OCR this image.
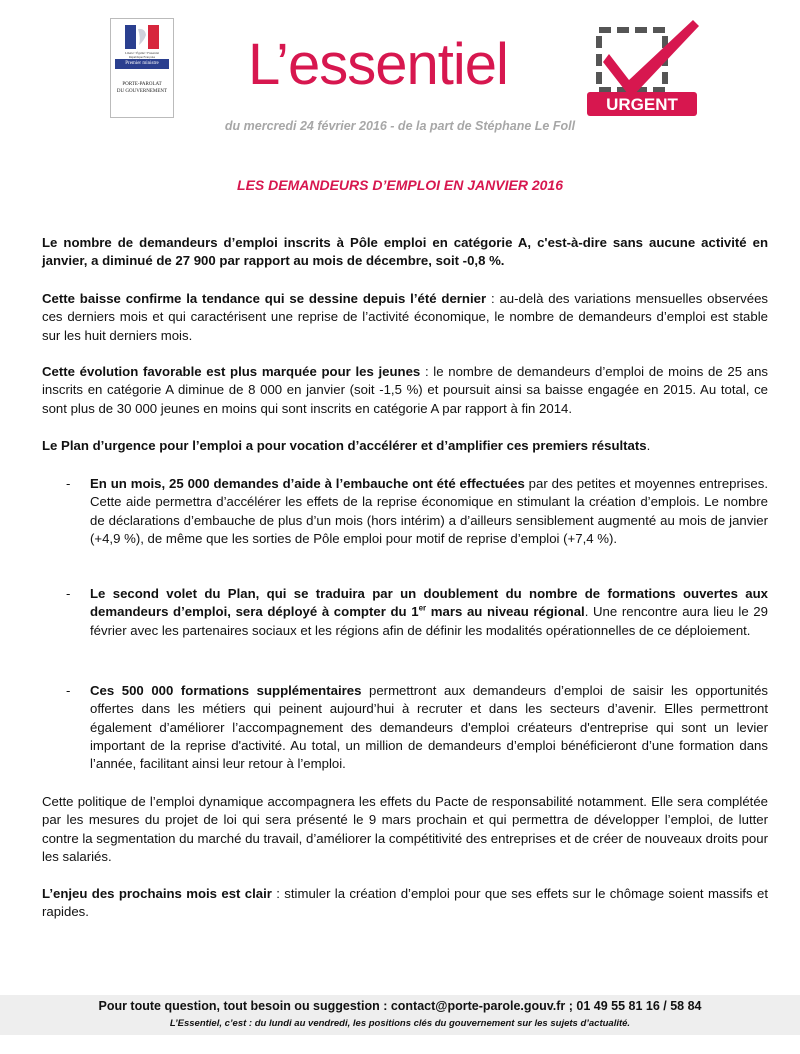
Liberté • Égalité • Fraternité
République Française
Premier ministre
PORTE-PAROLAT
DU GOUVERNEMENT L’essentiel
URGENT
du mercredi 24 février 2016 - de la part de Stéphane Le Foll
LES DEMANDEURS D’EMPLOI EN JANVIER 2016
Le nombre de demandeurs d’emploi inscrits à Pôle emploi en catégorie A, c'est-à-dire sans aucune activité en janvier, a diminué de 27 900 par rapport au mois de décembre, soit -0,8 %.
Cette baisse confirme la tendance qui se dessine depuis l’été dernier : au-delà des variations mensuelles observées ces derniers mois et qui caractérisent une reprise de l’activité économique, le nombre de demandeurs d’emploi est stable sur les huit derniers mois.
Cette évolution favorable est plus marquée pour les jeunes : le nombre de demandeurs d’emploi de moins de 25 ans inscrits en catégorie A diminue de 8 000 en janvier (soit -1,5 %) et poursuit ainsi sa baisse engagée en 2015. Au total, ce sont plus de 30 000 jeunes en moins qui sont inscrits en catégorie A par rapport à fin 2014.
Le Plan d’urgence pour l’emploi a pour vocation d’accélérer et d’amplifier ces premiers résultats.
- En un mois, 25 000 demandes d’aide à l’embauche ont été effectuées par des petites et moyennes entreprises. Cette aide permettra d’accélérer les effets de la reprise économique en stimulant la création d’emplois. Le nombre de déclarations d’embauche de plus d’un mois (hors intérim) a d’ailleurs sensiblement augmenté au mois de janvier (+4,9 %), de même que les sorties de Pôle emploi pour motif de reprise d’emploi (+7,4 %).
- Le second volet du Plan, qui se traduira par un doublement du nombre de formations ouvertes aux demandeurs d’emploi, sera déployé à compter du 1er mars au niveau régional. Une rencontre aura lieu le 29 février avec les partenaires sociaux et les régions afin de définir les modalités opérationnelles de ce déploiement.
- Ces 500 000 formations supplémentaires permettront aux demandeurs d’emploi de saisir les opportunités offertes dans les métiers qui peinent aujourd’hui à recruter et dans les secteurs d’avenir. Elles permettront également d’améliorer l’accompagnement des demandeurs d'emploi créateurs d'entreprise qui sont un levier important de la reprise d'activité. Au total, un million de demandeurs d’emploi bénéficieront d’une formation dans l’année, facilitant ainsi leur retour à l’emploi.
Cette politique de l’emploi dynamique accompagnera les effets du Pacte de responsabilité notamment. Elle sera complétée par les mesures du projet de loi qui sera présenté le 9 mars prochain et qui permettra de développer l’emploi, de lutter contre la segmentation du marché du travail, d’améliorer la compétitivité des entreprises et de créer de nouveaux droits pour les salariés.
L’enjeu des prochains mois est clair : stimuler la création d’emploi pour que ses effets sur le chômage soient massifs et rapides.
Pour toute question, tout besoin ou suggestion : contact@porte-parole.gouv.fr ; 01 49 55 81 16 / 58 84
L’Essentiel, c’est : du lundi au vendredi, les positions clés du gouvernement sur les sujets d’actualité.
